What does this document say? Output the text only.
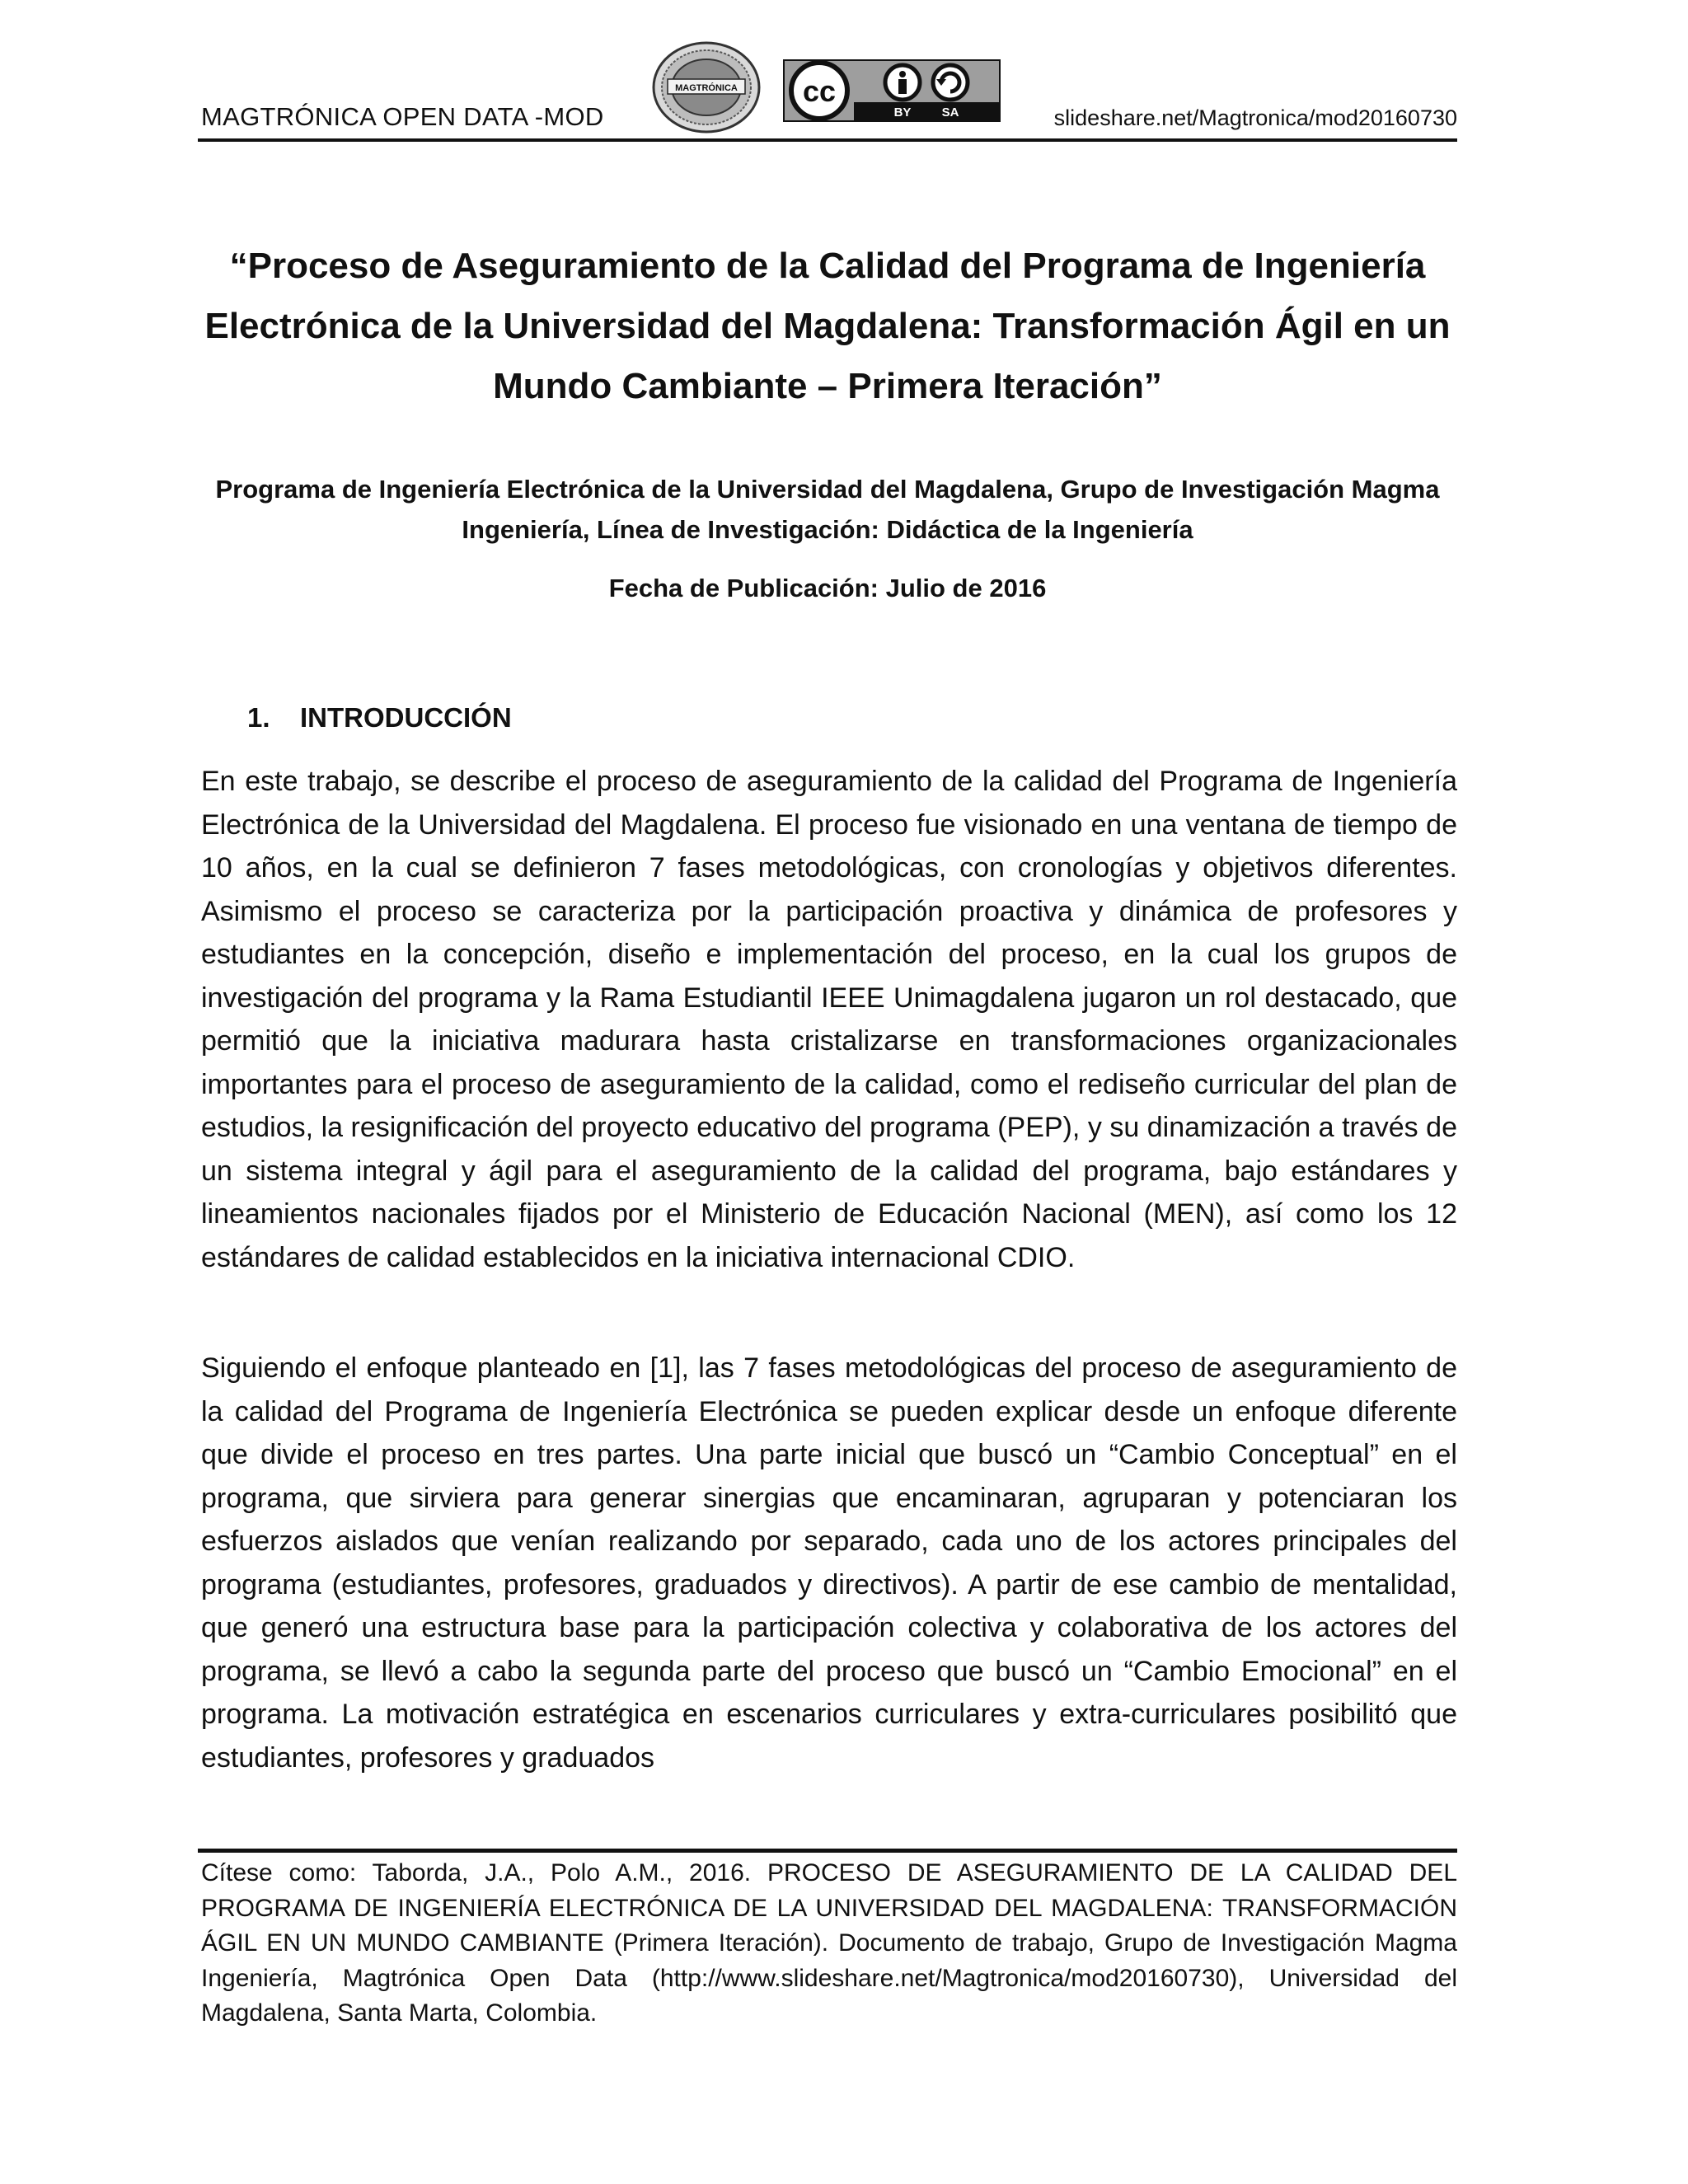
MAGTRÓNICA OPEN DATA -MOD
MAGTRÓNICA cc
BY SA	slideshare.net/Magtronica/mod20160730
“Proceso de Aseguramiento de la Calidad del Programa de Ingeniería Electrónica de la Universidad del Magdalena: Transformación Ágil en un Mundo Cambiante – Primera Iteración”
Programa de Ingeniería Electrónica de la Universidad del Magdalena, Grupo de Investigación Magma Ingeniería, Línea de Investigación: Didáctica de la Ingeniería
Fecha de Publicación: Julio de 2016
1. INTRODUCCIÓN
En este trabajo, se describe el proceso de aseguramiento de la calidad del Programa de Ingeniería Electrónica de la Universidad del Magdalena. El proceso fue visionado en una ventana de tiempo de 10 años, en la cual se definieron 7 fases metodológicas, con cronologías y objetivos diferentes. Asimismo el proceso se caracteriza por la participación proactiva y dinámica de profesores y estudiantes en la concepción, diseño e implementación del proceso, en la cual los grupos de investigación del programa y la Rama Estudiantil IEEE Unimagdalena jugaron un rol destacado, que permitió que la iniciativa madurara hasta cristalizarse en transformaciones organizacionales importantes para el proceso de aseguramiento de la calidad, como el rediseño curricular del plan de estudios, la resignificación del proyecto educativo del programa (PEP), y su dinamización a través de un sistema integral y ágil para el aseguramiento de la calidad del programa, bajo estándares y lineamientos nacionales fijados por el Ministerio de Educación Nacional (MEN), así como los 12 estándares de calidad establecidos en la iniciativa internacional CDIO.
Siguiendo el enfoque planteado en [1], las 7 fases metodológicas del proceso de aseguramiento de la calidad del Programa de Ingeniería Electrónica se pueden explicar desde un enfoque diferente que divide el proceso en tres partes. Una parte inicial que buscó un “Cambio Conceptual” en el programa, que sirviera para generar sinergias que encaminaran, agruparan y potenciaran los esfuerzos aislados que venían realizando por separado, cada uno de los actores principales del programa (estudiantes, profesores, graduados y directivos). A partir de ese cambio de mentalidad, que generó una estructura base para la participación colectiva y colaborativa de los actores del programa, se llevó a cabo la segunda parte del proceso que buscó un “Cambio Emocional” en el programa. La motivación estratégica en escenarios curriculares y extra-curriculares posibilitó que estudiantes, profesores y graduados
Cítese como: Taborda, J.A., Polo A.M., 2016. PROCESO DE ASEGURAMIENTO DE LA CALIDAD DEL PROGRAMA DE INGENIERÍA ELECTRÓNICA DE LA UNIVERSIDAD DEL MAGDALENA: TRANSFORMACIÓN ÁGIL EN UN MUNDO CAMBIANTE (Primera Iteración). Documento de trabajo, Grupo de Investigación Magma Ingeniería, Magtrónica Open Data (http://www.slideshare.net/Magtronica/mod20160730), Universidad del Magdalena, Santa Marta, Colombia.
